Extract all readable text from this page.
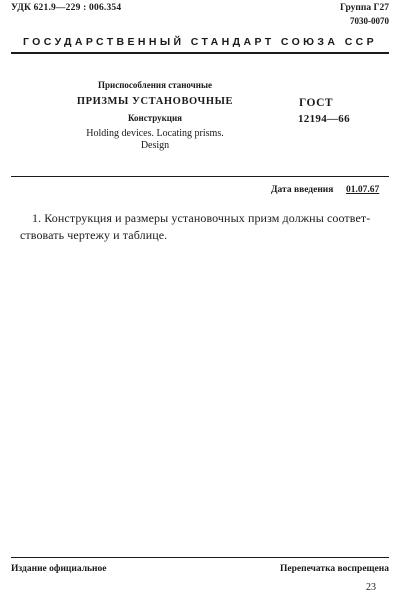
УДК 621.9—229 : 006.354	Группа Г27
7030-0070
ГОСУДАРСТВЕННЫЙ СТАНДАРТ СОЮЗА ССР
Приспособления станочные
ПРИЗМЫ УСТАНОВОЧНЫЕ
Конструкция
Holding devices. Locating prisms.
Design
ГОСТ
12194—66
Дата введения 01.07.67
1. Конструкция и размеры установочных призм должны соответ-
ствовать чертежу и таблице.
Издание официальное	Перепечатка воспрещена
23
